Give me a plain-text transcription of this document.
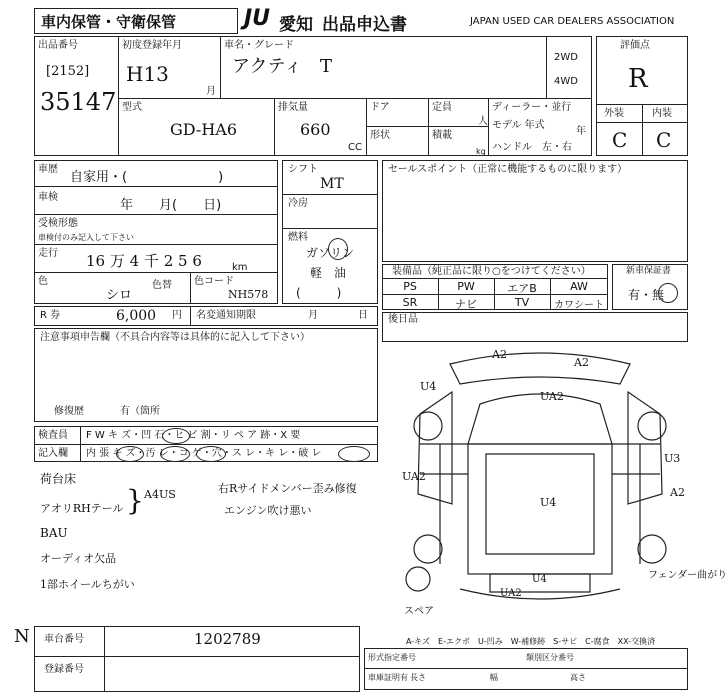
車内保管・守衛保管	JU 愛知 出品申込書	JAPAN USED CAR DEALERS ASSOCIATION
出品番号
[2152]
35147
初度登録年月
H13
月
車名・グレード
アクティ　T	2WD
4WD
評価点
R
外装	内装
C C
型式
GD-HA6
排気量
660
CC
ドア	定員
人
形状	積載
kg
ディーラー・並行
モデル 年式
年
ハンドル　左・右
車歴
自家用・(　　　　　　　)
車検
年　　月(　　日)
受検形態
車検付のみ記入して下さい
走行 16 万 4 千 2 5 6	km
色
シロ
色替 色コード
NH578
シフト
MT
冷房
燃料
ガソリン
軽　油
(　　　)
セールスポイント（正常に機能するものに限ります）
装備品（純正品に限り○をつけてください）
PS	PW	エアB	AW
SR	ナビ	TV	カワシート
新車保証書
有・無
後日品
R 券	6,000 円 名変通知期限	月	日
注意事項申告欄（不具合内容等は具体的に記入して下さい）
修復歴	有（箇所
検査員
記入欄
F W キ ズ・凹 石・ヒ ビ 割・リ ペ ア 跡・X 要
内 張 キ ズ・汚 レ・コ ゲ・穴・ス レ・キ レ・破 レ
荷台床
アオリRHテール } A4US	右Rサイドメンバー歪み修復
エンジン吹け悪い
BAU
オーディオ欠品
1部ホイールちがい
A2
A2
U4
UA2
UA2
U4
U3
A2
U4
UA2
フェンダー曲がり
スペア
A-キズ　E-エクボ　U-凹み　W-補修跡　S-サビ　C-腐食　XX-交換済
N 車台番号	1202789
登録番号
形式指定番号	類別区分番号
車庫証明有 長さ	幅	高さ
